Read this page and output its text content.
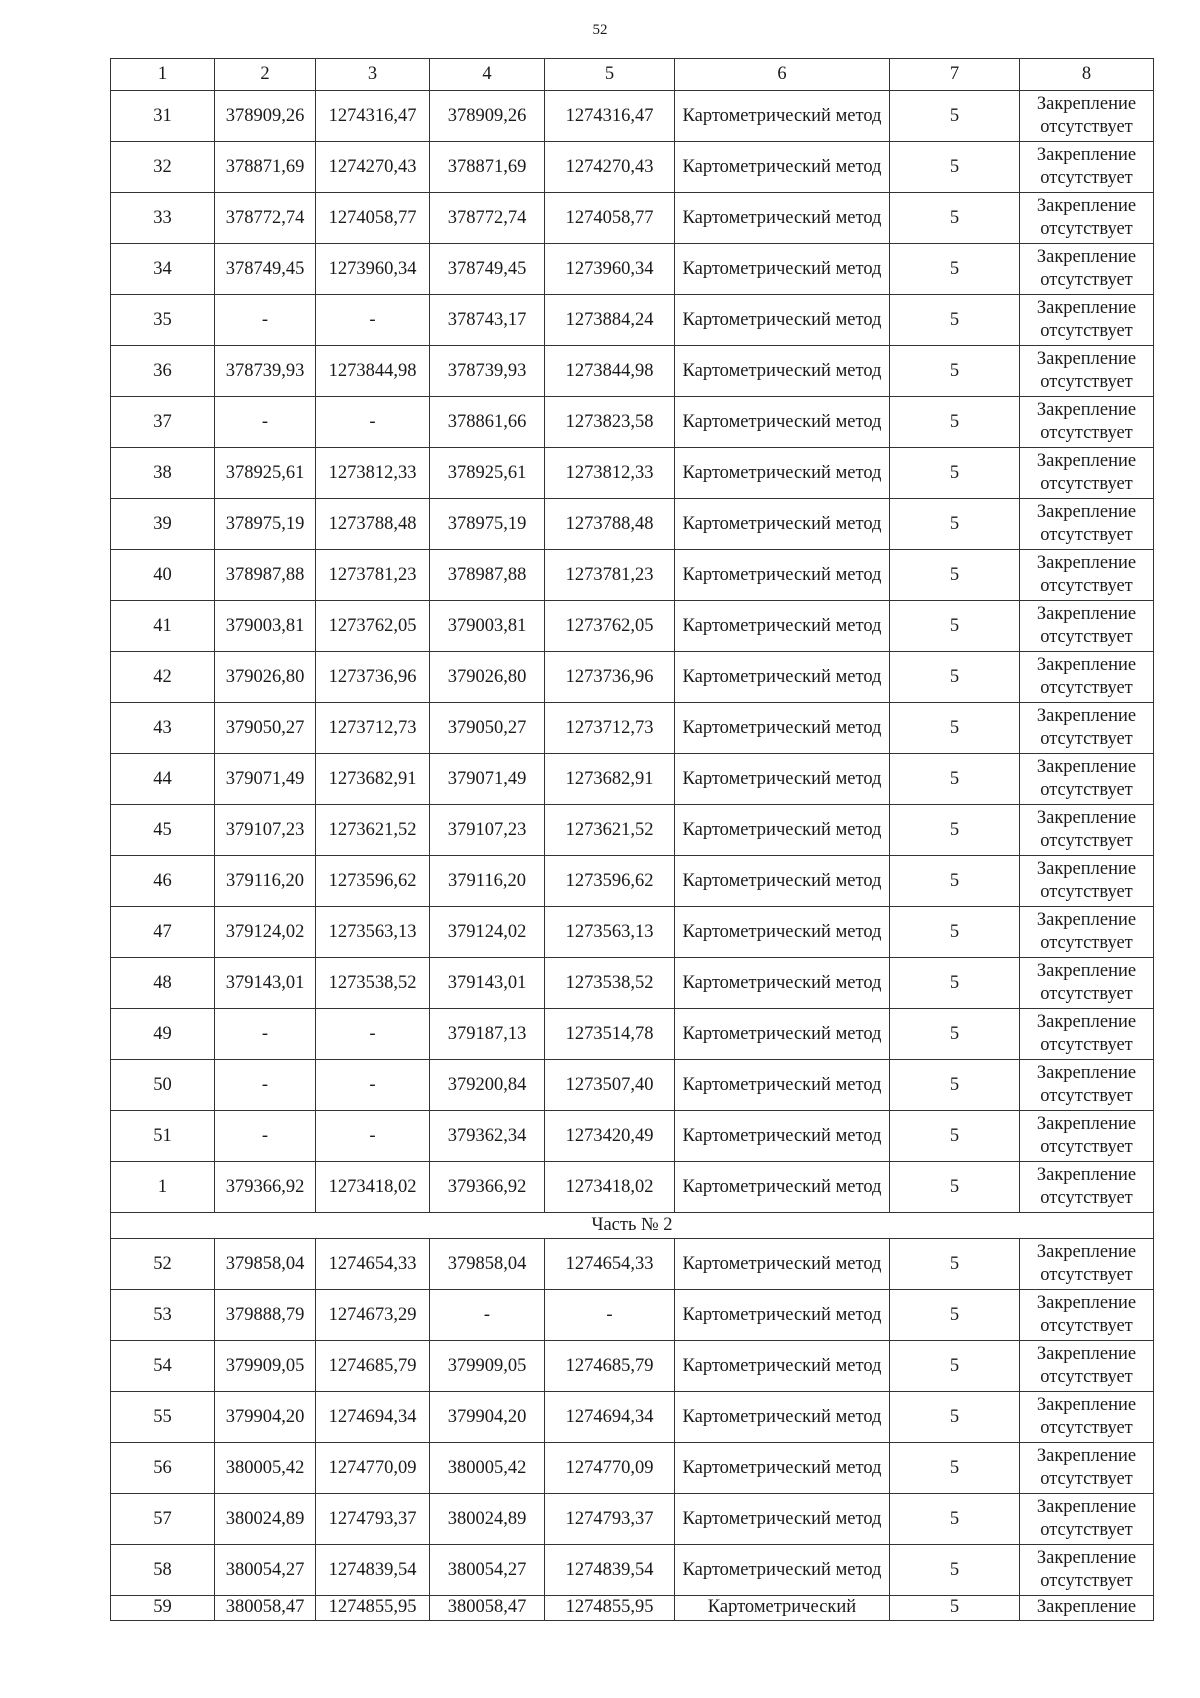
52
1	2	3	4	5	6	7	8
31	378909,26	1274316,47	378909,26	1274316,47	Картометрический метод	5	Закрепление отсутствует
32	378871,69	1274270,43	378871,69	1274270,43	Картометрический метод	5	Закрепление отсутствует
33	378772,74	1274058,77	378772,74	1274058,77	Картометрический метод	5	Закрепление отсутствует
34	378749,45	1273960,34	378749,45	1273960,34	Картометрический метод	5	Закрепление отсутствует
35	-	-	378743,17	1273884,24	Картометрический метод	5	Закрепление отсутствует
36	378739,93	1273844,98	378739,93	1273844,98	Картометрический метод	5	Закрепление отсутствует
37	-	-	378861,66	1273823,58	Картометрический метод	5	Закрепление отсутствует
38	378925,61	1273812,33	378925,61	1273812,33	Картометрический метод	5	Закрепление отсутствует
39	378975,19	1273788,48	378975,19	1273788,48	Картометрический метод	5	Закрепление отсутствует
40	378987,88	1273781,23	378987,88	1273781,23	Картометрический метод	5	Закрепление отсутствует
41	379003,81	1273762,05	379003,81	1273762,05	Картометрический метод	5	Закрепление отсутствует
42	379026,80	1273736,96	379026,80	1273736,96	Картометрический метод	5	Закрепление отсутствует
43	379050,27	1273712,73	379050,27	1273712,73	Картометрический метод	5	Закрепление отсутствует
44	379071,49	1273682,91	379071,49	1273682,91	Картометрический метод	5	Закрепление отсутствует
45	379107,23	1273621,52	379107,23	1273621,52	Картометрический метод	5	Закрепление отсутствует
46	379116,20	1273596,62	379116,20	1273596,62	Картометрический метод	5	Закрепление отсутствует
47	379124,02	1273563,13	379124,02	1273563,13	Картометрический метод	5	Закрепление отсутствует
48	379143,01	1273538,52	379143,01	1273538,52	Картометрический метод	5	Закрепление отсутствует
49	-	-	379187,13	1273514,78	Картометрический метод	5	Закрепление отсутствует
50	-	-	379200,84	1273507,40	Картометрический метод	5	Закрепление отсутствует
51	-	-	379362,34	1273420,49	Картометрический метод	5	Закрепление отсутствует
1	379366,92	1273418,02	379366,92	1273418,02	Картометрический метод	5	Закрепление отсутствует
Часть № 2							
52	379858,04	1274654,33	379858,04	1274654,33	Картометрический метод	5	Закрепление отсутствует
53	379888,79	1274673,29	-	-	Картометрический метод	5	Закрепление отсутствует
54	379909,05	1274685,79	379909,05	1274685,79	Картометрический метод	5	Закрепление отсутствует
55	379904,20	1274694,34	379904,20	1274694,34	Картометрический метод	5	Закрепление отсутствует
56	380005,42	1274770,09	380005,42	1274770,09	Картометрический метод	5	Закрепление отсутствует
57	380024,89	1274793,37	380024,89	1274793,37	Картометрический метод	5	Закрепление отсутствует
58	380054,27	1274839,54	380054,27	1274839,54	Картометрический метод	5	Закрепление отсутствует
59	380058,47	1274855,95	380058,47	1274855,95	Картометрический	5	Закрепление
